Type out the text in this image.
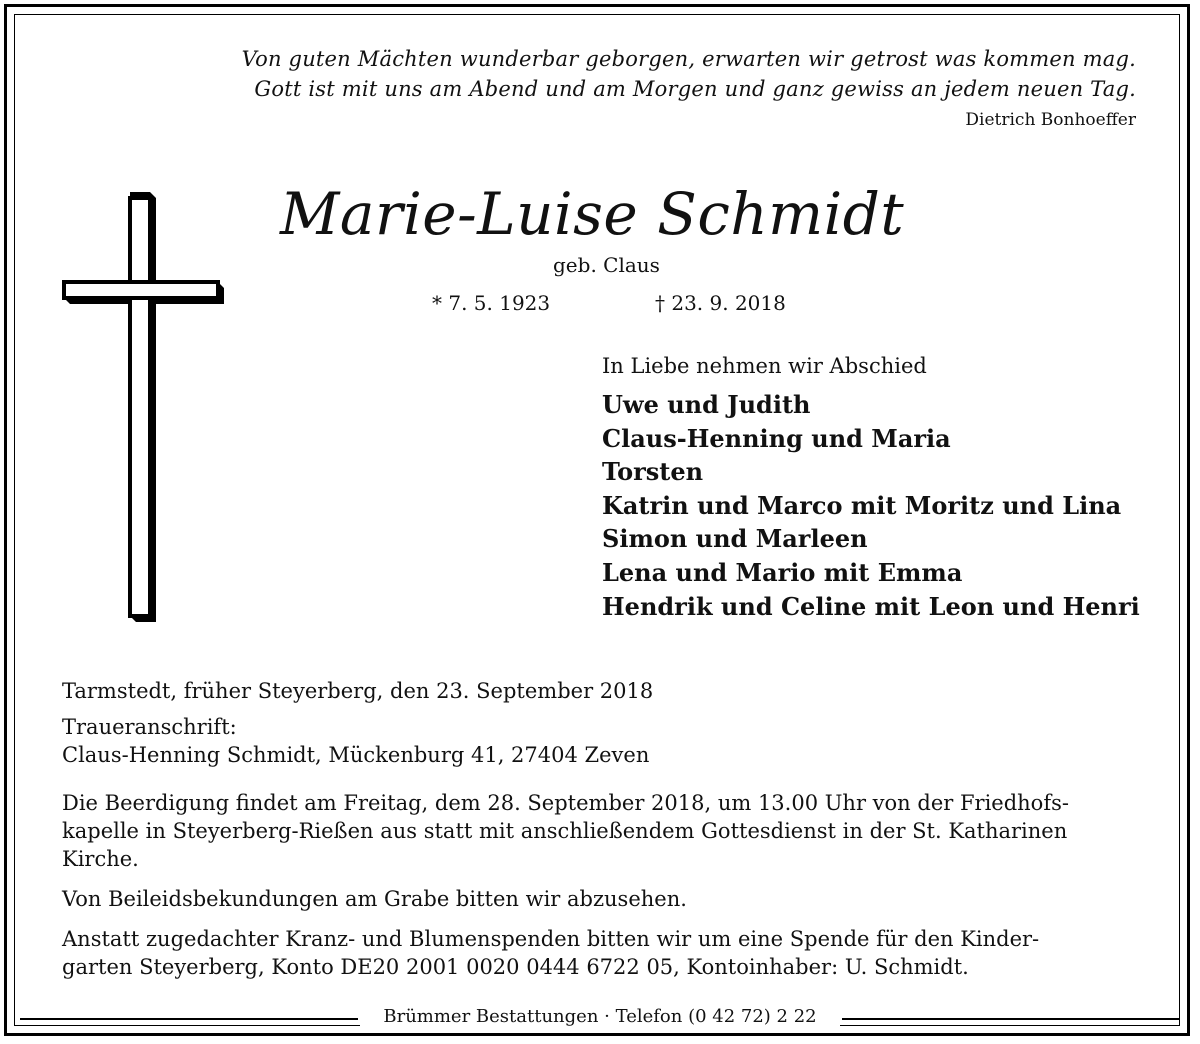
Von guten Mächten wunderbar geborgen, erwarten wir getrost was kommen mag.
Gott ist mit uns am Abend und am Morgen und ganz gewiss an jedem neuen Tag.
Dietrich Bonhoeffer
Marie-Luise Schmidt
geb. Claus
* 7. 5. 1923	† 23. 9. 2018
In Liebe nehmen wir Abschied
Uwe und Judith
Claus-Henning und Maria
Torsten
Katrin und Marco mit Moritz und Lina
Simon und Marleen
Lena und Mario mit Emma
Hendrik und Celine mit Leon und Henri
Tarmstedt, früher Steyerberg, den 23. September 2018
Traueranschrift:
Claus-Henning Schmidt, Mückenburg 41, 27404 Zeven
Die Beerdigung findet am Freitag, dem 28. September 2018, um 13.00 Uhr von der Friedhofs-
kapelle in Steyerberg-Rießen aus statt mit anschließendem Gottesdienst in der St. Katharinen
Kirche.
Von Beileidsbekundungen am Grabe bitten wir abzusehen.
Anstatt zugedachter Kranz- und Blumenspenden bitten wir um eine Spende für den Kinder-
garten Steyerberg, Konto DE20 2001 0020 0444 6722 05, Kontoinhaber: U. Schmidt.
Brümmer Bestattungen · Telefon (0 42 72) 2 22
